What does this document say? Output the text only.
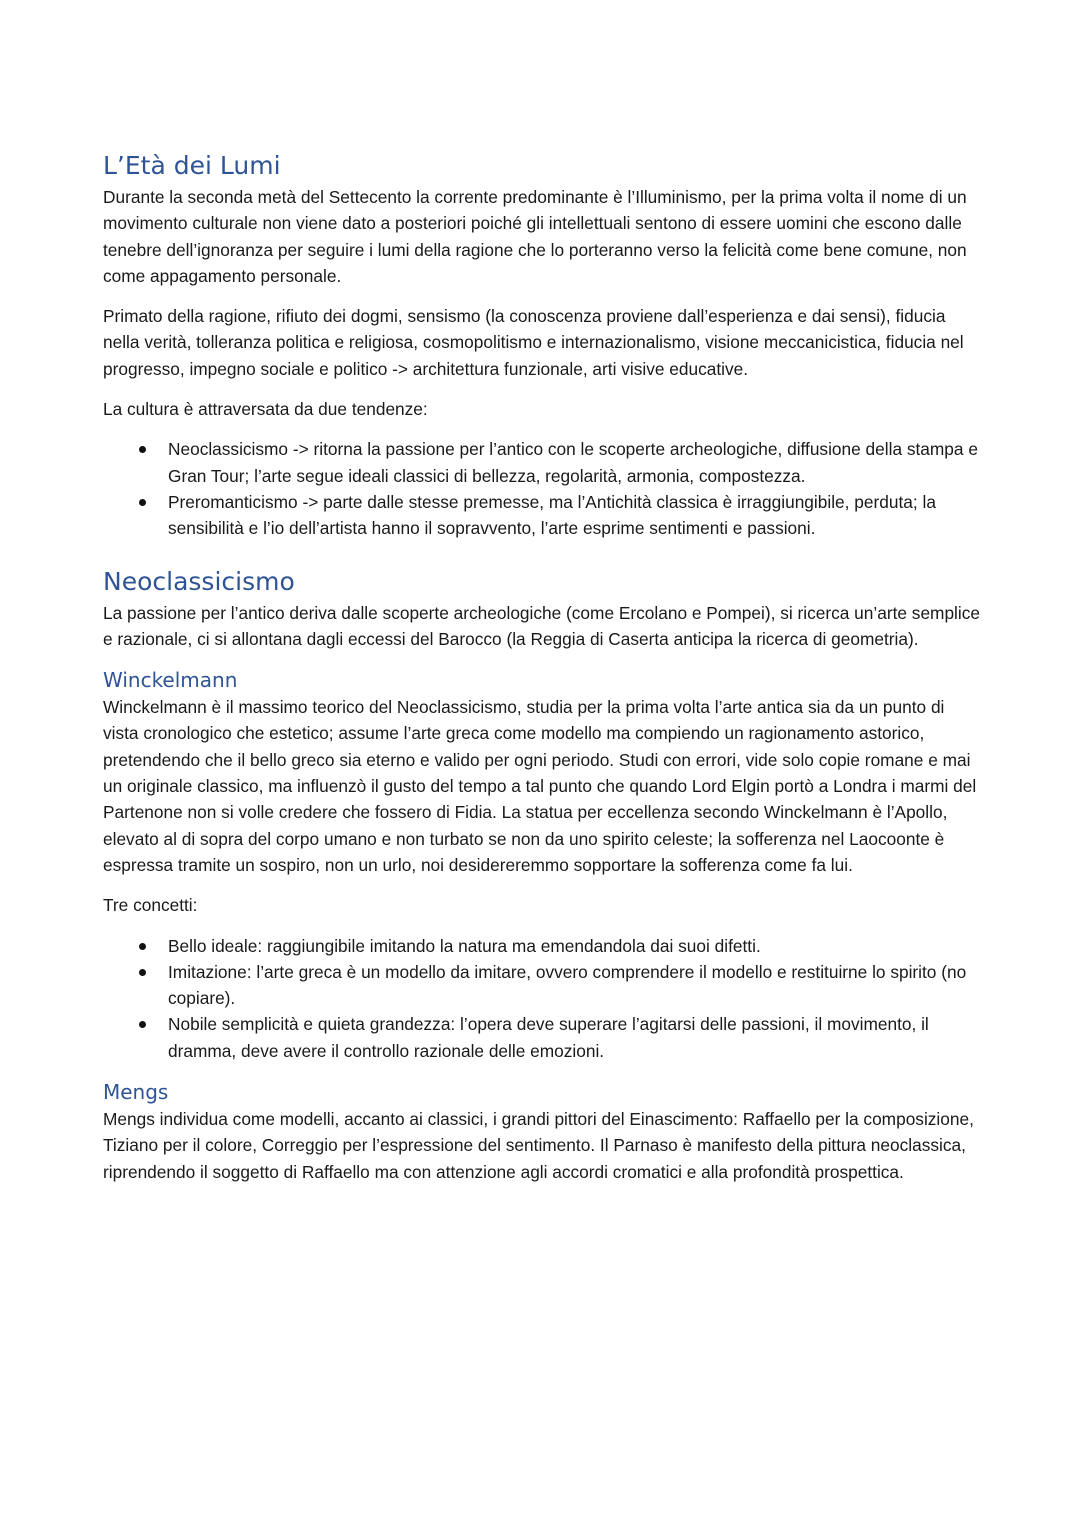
L’Età dei Lumi

Durante la seconda metà del Settecento la corrente predominante è l’Illuminismo, per la prima volta il nome di un movimento culturale non viene dato a posteriori poiché gli intellettuali sentono di essere uomini che escono dalle tenebre dell’ignoranza per seguire i lumi della ragione che lo porteranno verso la felicità come bene comune, non come appagamento personale.

Primato della ragione, rifiuto dei dogmi, sensismo (la conoscenza proviene dall’esperienza e dai sensi), fiducia nella verità, tolleranza politica e religiosa, cosmopolitismo e internazionalismo, visione meccanicistica, fiducia nel progresso, impegno sociale e politico -> architettura funzionale, arti visive educative.

La cultura è attraversata da due tendenze:

Neoclassicismo -> ritorna la passione per l’antico con le scoperte archeologiche, diffusione della stampa e Gran Tour; l’arte segue ideali classici di bellezza, regolarità, armonia, compostezza.
Preromanticismo -> parte dalle stesse premesse, ma l’Antichità classica è irraggiungibile, perduta; la sensibilità e l’io dell’artista hanno il sopravvento, l’arte esprime sentimenti e passioni.
Neoclassicismo

La passione per l’antico deriva dalle scoperte archeologiche (come Ercolano e Pompei), si ricerca un’arte semplice e razionale, ci si allontana dagli eccessi del Barocco (la Reggia di Caserta anticipa la ricerca di geometria).

Winckelmann

Winckelmann è il massimo teorico del Neoclassicismo, studia per la prima volta l’arte antica sia da un punto di vista cronologico che estetico; assume l’arte greca come modello ma compiendo un ragionamento astorico, pretendendo che il bello greco sia eterno e valido per ogni periodo. Studi con errori, vide solo copie romane e mai un originale classico, ma influenzò il gusto del tempo a tal punto che quando Lord Elgin portò a Londra i marmi del Partenone non si volle credere che fossero di Fidia. La statua per eccellenza secondo Winckelmann è l’Apollo, elevato al di sopra del corpo umano e non turbato se non da uno spirito celeste; la sofferenza nel Laocoonte è espressa tramite un sospiro, non un urlo, noi desidereremmo sopportare la sofferenza come fa lui.

Tre concetti:

Bello ideale: raggiungibile imitando la natura ma emendandola dai suoi difetti.
Imitazione: l’arte greca è un modello da imitare, ovvero comprendere il modello e restituirne lo spirito (no copiare).
Nobile semplicità e quieta grandezza: l’opera deve superare l’agitarsi delle passioni, il movimento, il dramma, deve avere il controllo razionale delle emozioni.
Mengs

Mengs individua come modelli, accanto ai classici, i grandi pittori del Einascimento: Raffaello per la composizione, Tiziano per il colore, Correggio per l’espressione del sentimento. Il Parnaso è manifesto della pittura neoclassica, riprendendo il soggetto di Raffaello ma con attenzione agli accordi cromatici e alla profondità prospettica.
